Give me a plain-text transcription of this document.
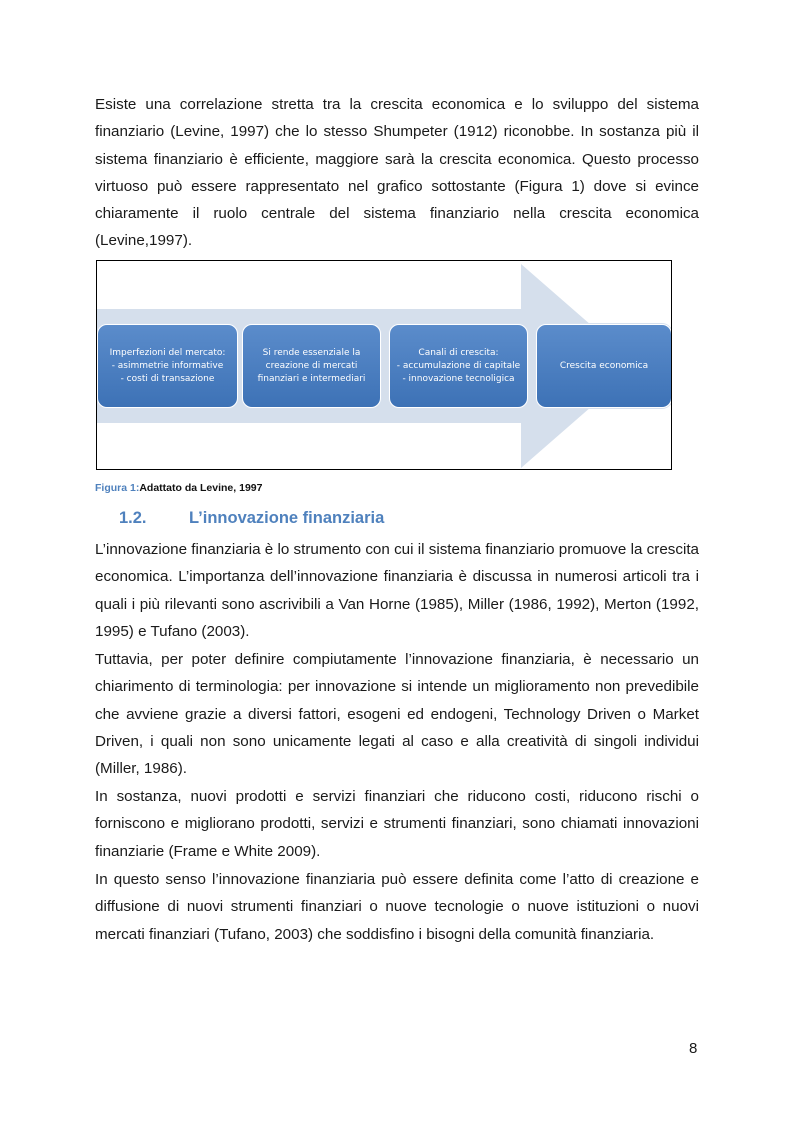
Esiste una correlazione stretta tra la crescita economica e lo sviluppo del sistema finanziario (Levine, 1997) che lo stesso Shumpeter (1912) riconobbe. In sostanza più il sistema finanziario è efficiente, maggiore sarà la crescita economica. Questo processo virtuoso può essere rappresentato nel grafico sottostante (Figura 1) dove si evince chiaramente il ruolo centrale del sistema finanziario nella crescita economica (Levine,1997).

Imperfezioni del mercato:
- asimmetrie informative
- costi di transazione
Si rende essenziale la
creazione di mercati
finanziari e intermediari
Canali di crescita:
- accumulazione di capitale
- innovazione tecnoligica
Crescita economica
Figura 1:Adattato da Levine, 1997
1.2.	L’innovazione finanziaria

L’innovazione finanziaria è lo strumento con cui il sistema finanziario promuove la crescita economica. L’importanza dell’innovazione finanziaria è discussa in numerosi articoli tra i quali i più rilevanti sono ascrivibili a Van Horne (1985), Miller (1986, 1992), Merton (1992, 1995) e Tufano (2003).

Tuttavia, per poter definire compiutamente l’innovazione finanziaria, è necessario un chiarimento di terminologia: per innovazione si intende un miglioramento non prevedibile che avviene grazie a diversi fattori, esogeni ed endogeni, Technology Driven o Market Driven, i quali non sono unicamente legati al caso e alla creatività di singoli individui (Miller, 1986).

In sostanza, nuovi prodotti e servizi finanziari che riducono costi, riducono rischi o forniscono e migliorano prodotti, servizi e strumenti finanziari, sono chiamati innovazioni finanziarie (Frame e White 2009).

In questo senso l’innovazione finanziaria può essere definita come l’atto di creazione e diffusione di nuovi strumenti finanziari o nuove tecnologie o nuove istituzioni o nuovi mercati finanziari (Tufano, 2003) che soddisfino i bisogni della comunità finanziaria.

8
